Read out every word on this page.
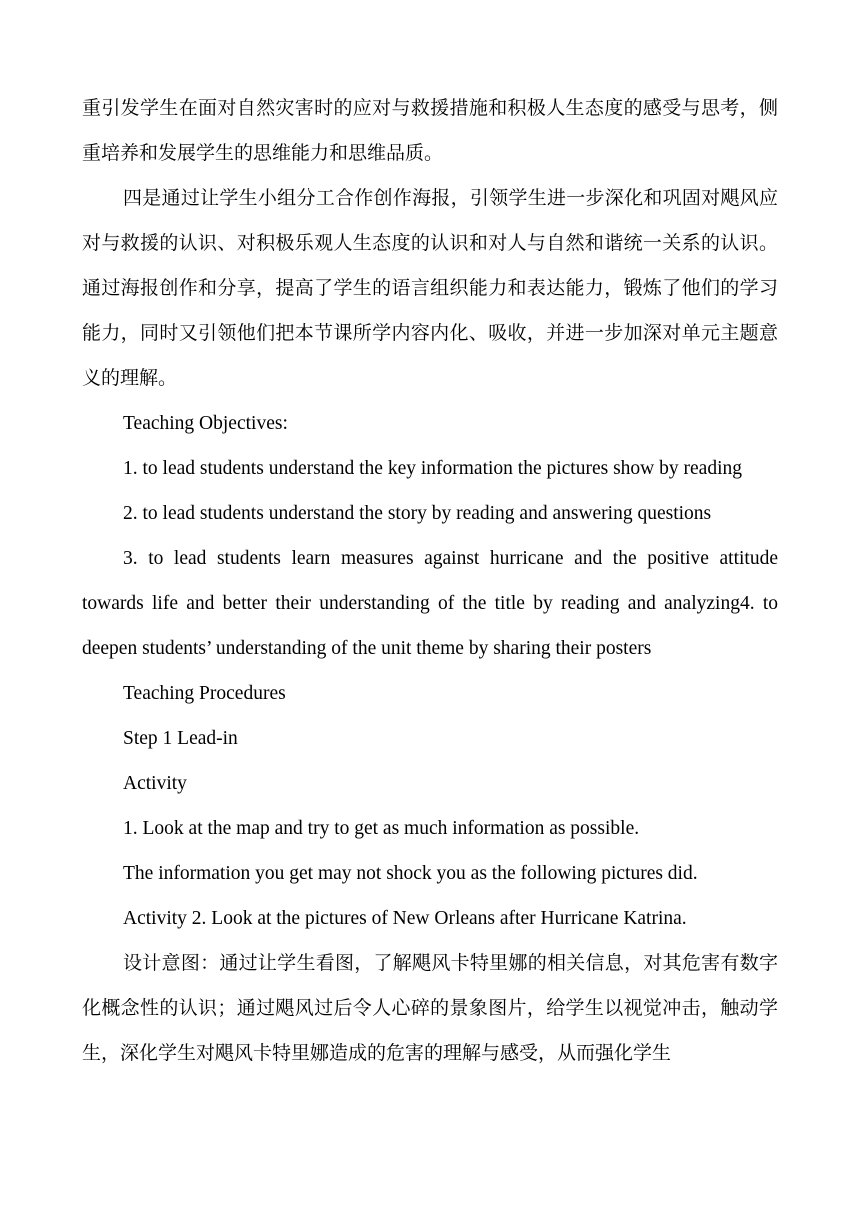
重引发学生在面对自然灾害时的应对与救援措施和积极人生态度的感受与思考，侧重培养和发展学生的思维能力和思维品质。

四是通过让学生小组分工合作创作海报，引领学生进一步深化和巩固对飓风应对与救援的认识、对积极乐观人生态度的认识和对人与自然和谐统一关系的认识。通过海报创作和分享，提高了学生的语言组织能力和表达能力，锻炼了他们的学习能力，同时又引领他们把本节课所学内容内化、吸收，并进一步加深对单元主题意义的理解。

Teaching Objectives:

1. to lead students understand the key information the pictures show by reading

2. to lead students understand the story by reading and answering questions

3. to lead students learn measures against hurricane and the positive attitude towards life and better their understanding of the title by reading and analyzing4. to deepen students’ understanding of the unit theme by sharing their posters

Teaching Procedures

Step 1 Lead-in

Activity

1. Look at the map and try to get as much information as possible.

The information you get may not shock you as the following pictures did.

Activity 2. Look at the pictures of New Orleans after Hurricane Katrina.

设计意图：通过让学生看图，了解飓风卡特里娜的相关信息，对其危害有数字化概念性的认识；通过飓风过后令人心碎的景象图片，给学生以视觉冲击，触动学生，深化学生对飓风卡特里娜造成的危害的理解与感受，从而强化学生
